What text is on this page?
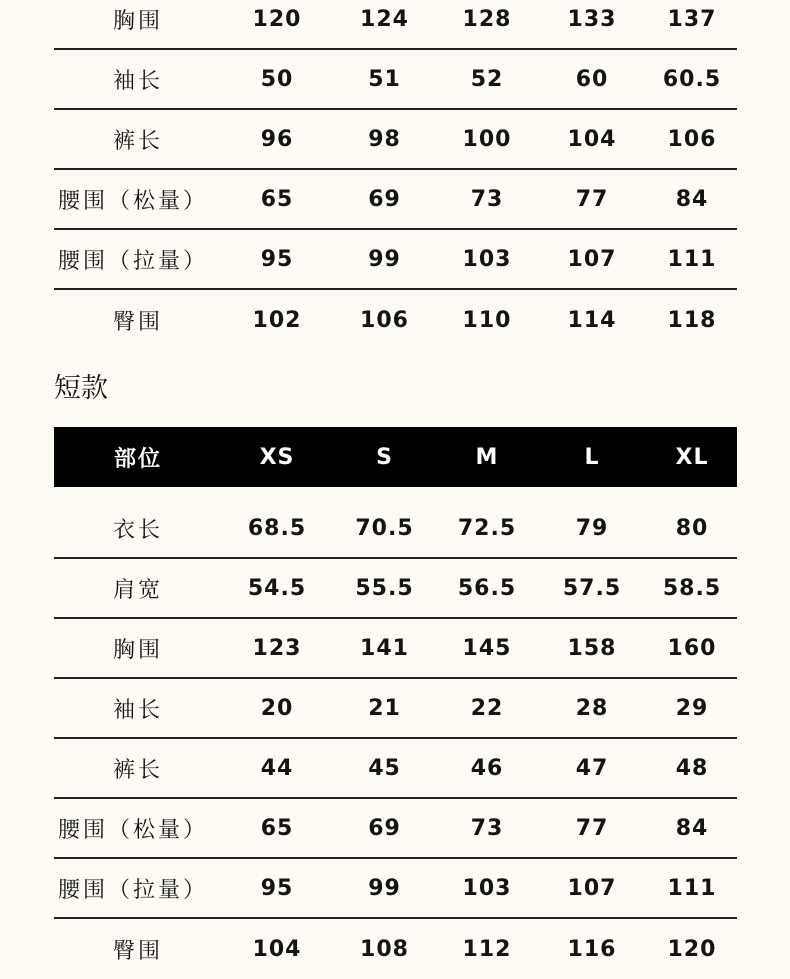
胸围	120	124	128	133	137
袖长	50	51	52	60	60.5
裤长	96	98	100	104	106
腰围（松量）	65	69	73	77	84
腰围（拉量）	95	99	103	107	111
臀围	102	106	110	114	118
短款
部位	XS	S	M	L	XL
衣长	68.5	70.5	72.5	79	80
肩宽	54.5	55.5	56.5	57.5	58.5
胸围	123	141	145	158	160
袖长	20	21	22	28	29
裤长	44	45	46	47	48
腰围（松量）	65	69	73	77	84
腰围（拉量）	95	99	103	107	111
臀围	104	108	112	116	120
